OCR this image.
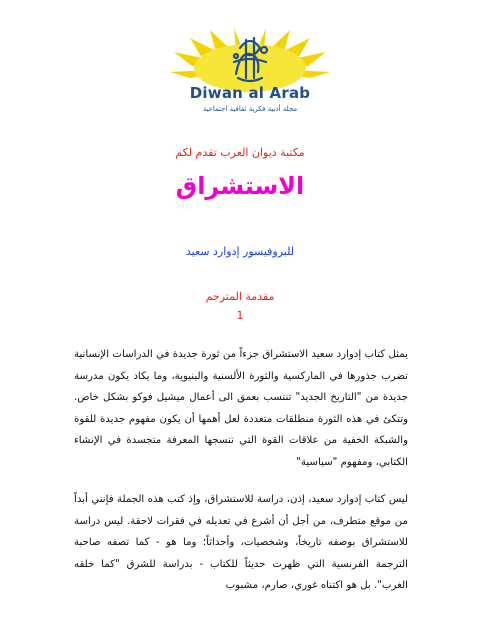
Diwan al Arab
مجلة أدبية فكرية ثقافية اجتماعية
مكتبة ديوان العرب تقدم لكم
الاستشراق
للبروفيسور إدوارد سعيد
مقدمة المترجم
1
يمثل كتاب إدوارد سعيد الاستشراق جزءاً من ثورة جديدة في الدراسات الإنسانية تضرب جذورها في الماركسية والثورة الألسنية والبنيوية، وما يكاد يكون مدرسة جديدة من "التاريخ الجديد" تنتسب بعمق الى أعمال ميشيل فوكو بشكل خاص. وتتكئ في هذه الثورة منطلقات متعددة لعل أهمها أن يكون مفهوم جديدة للقوة والشبكة الخفية من علاقات القوة التي تنسجها المعرفة متجسدة في الإنشاء الكتابي، ومفهوم "سياسية"
ليس كتاب إدوارد سعيد، إذن، دراسة للاستشراق، وإذ كتب هذه الجملة فإنني أبداً من موقع متطرف، من أجل أن أشرع في تعديله في فقرات لاحقة. ليس دراسة للاستشراق بوصفه تاريخاً، وشخصيات، وأحداثاً؛ وما هو - كما تصفه صاحبة الترجمة الفرنسية التي ظهرت حديثاً للكتاب - بدراسة للشرق "كما خلقه الغرب". بل هو اكتناه غوري، صارم، مشبوب
